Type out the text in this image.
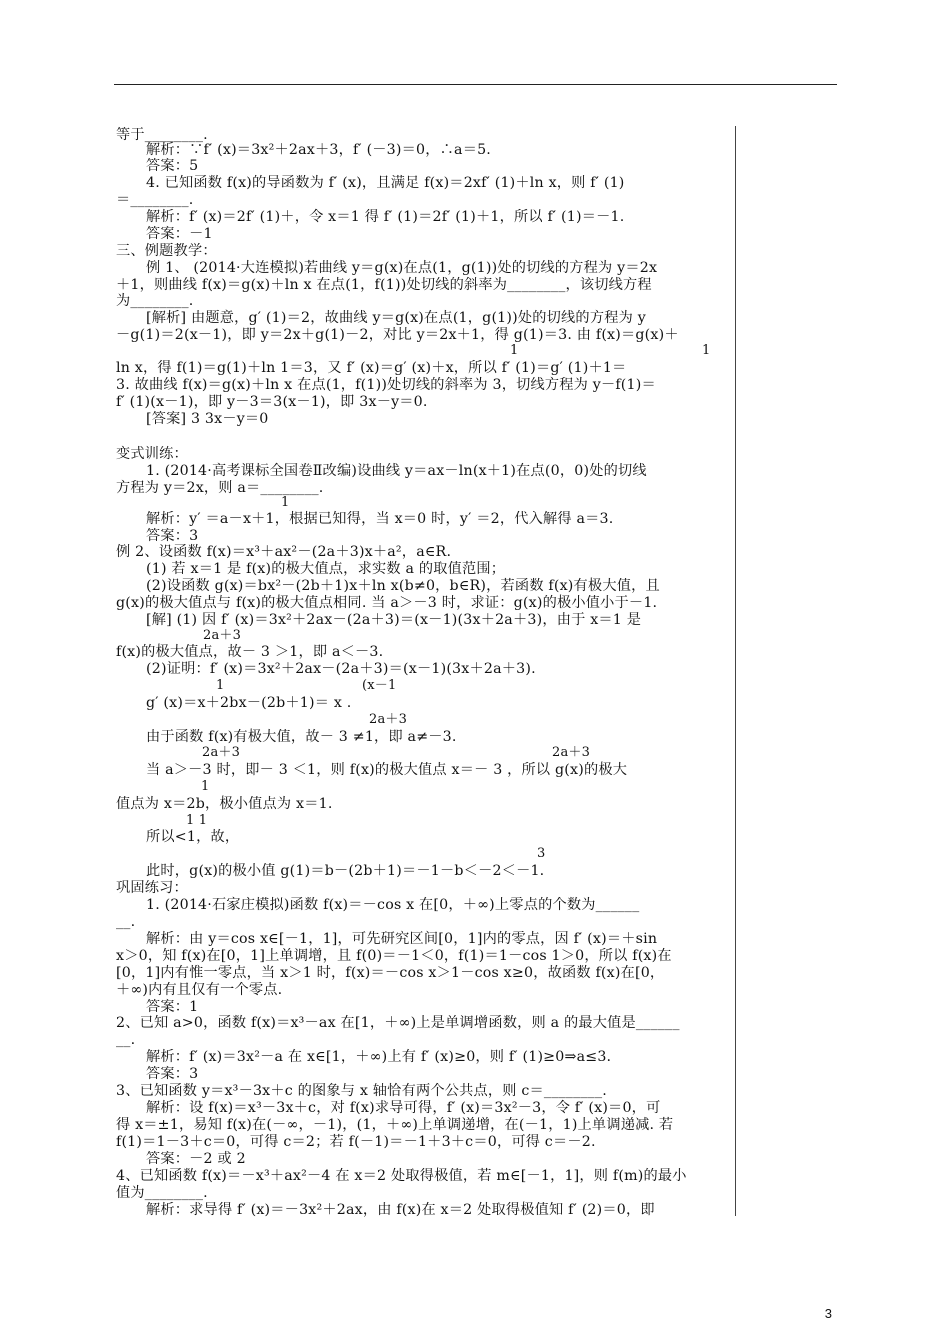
等于________.
解析：∵f′ (x)＝3x²＋2ax＋3，f′ (－3)＝0，∴a＝5.
答案：5
4. 已知函数 f(x)的导函数为 f′ (x)，且满足 f(x)＝2xf′ (1)＋ln x，则 f′ (1)
＝________.
解析：f′ (x)＝2f′ (1)＋，令 x＝1 得 f′ (1)＝2f′ (1)＋1，所以 f′ (1)＝－1.
答案：－1
三、例题教学：
例 1、 (2014·大连模拟)若曲线 y＝g(x)在点(1，g(1))处的切线的方程为 y＝2x
＋1，则曲线 f(x)＝g(x)＋ln x 在点(1，f(1))处切线的斜率为________，该切线方程
为________.
[解析] 由题意，g′ (1)＝2，故曲线 y＝g(x)在点(1，g(1))处的切线的方程为 y
－g(1)＝2(x－1)，即 y＝2x＋g(1)－2，对比 y＝2x＋1，得 g(1)＝3. 由 f(x)＝g(x)＋
1	1
ln x，得 f(1)＝g(1)＋ln 1＝3，又 f′ (x)＝g′ (x)＋x，所以 f′ (1)＝g′ (1)＋1＝
3. 故曲线 f(x)＝g(x)＋ln x 在点(1，f(1))处切线的斜率为 3，切线方程为 y－f(1)＝
f′ (1)(x－1)，即 y－3＝3(x－1)，即 3x－y＝0.
[答案] 3 3x－y＝0
变式训练：
1. (2014·高考课标全国卷Ⅱ改编)设曲线 y＝ax－ln(x＋1)在点(0，0)处的切线
方程为 y＝2x，则 a＝________.
1
解析：y′ ＝a－x＋1，根据已知得，当 x＝0 时，y′ ＝2，代入解得 a＝3.
答案：3
例 2、设函数 f(x)＝x³＋ax²－(2a＋3)x＋a²，a∈R.
(1) 若 x＝1 是 f(x)的极大值点，求实数 a 的取值范围；
(2)设函数 g(x)＝bx²－(2b＋1)x＋ln x(b≠0，b∈R)，若函数 f(x)有极大值，且
g(x)的极大值点与 f(x)的极大值点相同. 当 a＞－3 时，求证：g(x)的极小值小于－1.
[解] (1) 因 f′ (x)＝3x²＋2ax－(2a＋3)＝(x－1)(3x＋2a＋3)，由于 x＝1 是
2a＋3
f(x)的极大值点，故－ 3 ＞1，即 a＜－3.
(2)证明：f′ (x)＝3x²＋2ax－(2a＋3)＝(x－1)(3x＋2a＋3).
1	(x－1
g′ (x)＝x＋2bx－(2b＋1)＝ x .
2a＋3
由于函数 f(x)有极大值，故－ 3 ≠1，即 a≠－3.
2a＋3	2a＋3
当 a＞－3 时，即－ 3 ＜1，则 f(x)的极大值点 x＝－ 3 ，所以 g(x)的极大
1
值点为 x＝2b，极小值点为 x＝1.
1 1
所以<1，故，
3
此时，g(x)的极小值 g(1)＝b－(2b＋1)＝－1－b＜－2＜－1.
巩固练习：
1. (2014·石家庄模拟)函数 f(x)＝－cos x 在[0，＋∞)上零点的个数为______
__.
解析：由 y＝cos x∈[－1，1]，可先研究区间[0，1]内的零点，因 f′ (x)＝＋sin
x＞0，知 f(x)在[0，1]上单调增，且 f(0)＝－1＜0，f(1)＝1－cos 1＞0，所以 f(x)在
[0，1]内有惟一零点，当 x＞1 时，f(x)＝－cos x＞1－cos x≥0，故函数 f(x)在[0，
＋∞)内有且仅有一个零点.
答案：1
2、已知 a>0，函数 f(x)＝x³－ax 在[1，＋∞)上是单调增函数，则 a 的最大值是______
__.
解析：f′ (x)＝3x²－a 在 x∈[1，＋∞)上有 f′ (x)≥0，则 f′ (1)≥0⇒a≤3.
答案：3
3、已知函数 y＝x³－3x＋c 的图象与 x 轴恰有两个公共点，则 c＝________.
解析：设 f(x)＝x³－3x＋c，对 f(x)求导可得，f′ (x)＝3x²－3，令 f′ (x)＝0，可
得 x＝±1，易知 f(x)在(－∞，－1)，(1，＋∞)上单调递增，在(－1，1)上单调递减. 若
f(1)＝1－3＋c＝0，可得 c＝2；若 f(－1)＝－1＋3＋c＝0，可得 c＝－2.
答案：－2 或 2
4、已知函数 f(x)＝－x³＋ax²－4 在 x＝2 处取得极值，若 m∈[－1，1]，则 f(m)的最小
值为________.
解析：求导得 f′ (x)＝－3x²＋2ax，由 f(x)在 x＝2 处取得极值知 f′ (2)＝0，即
3
